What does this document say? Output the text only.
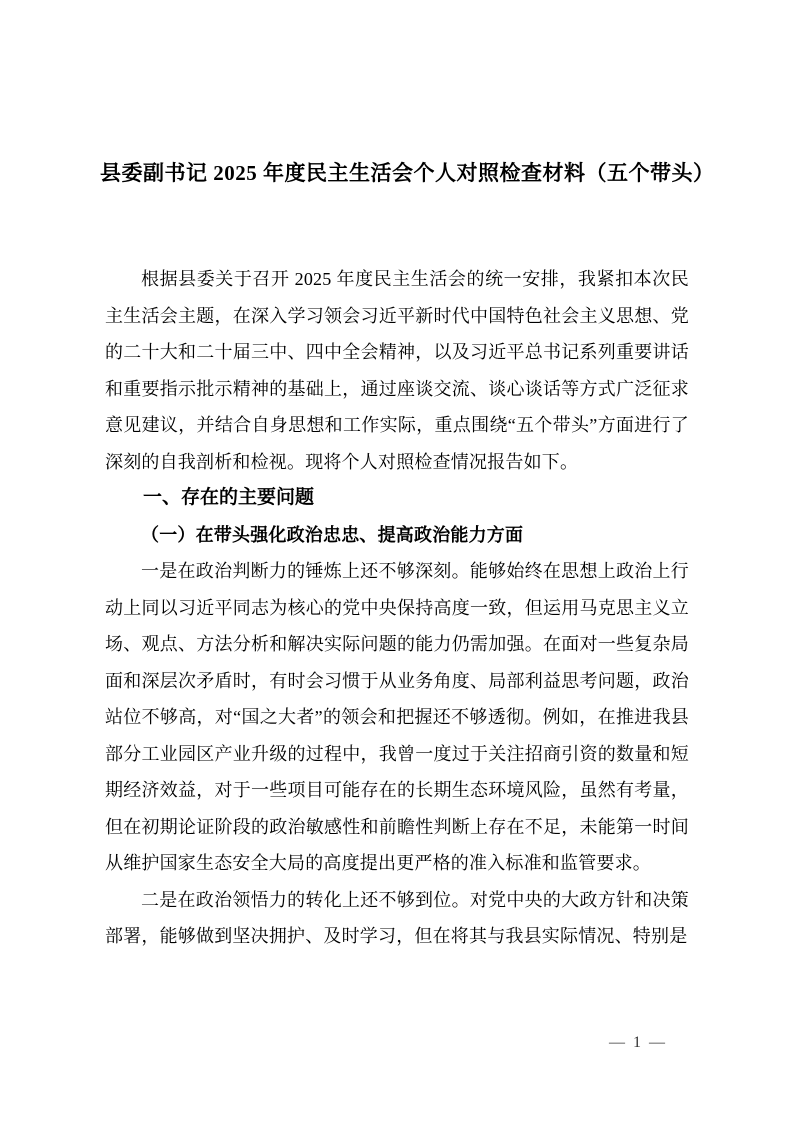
县委副书记 2025 年度民主生活会个人对照检查材料（五个带头）

根据县委关于召开 2025 年度民主生活会的统一安排，我紧扣本次民主生活会主题，在深入学习领会习近平新时代中国特色社会主义思想、党的二十大和二十届三中、四中全会精神，以及习近平总书记系列重要讲话和重要指示批示精神的基础上，通过座谈交流、谈心谈话等方式广泛征求意见建议，并结合自身思想和工作实际，重点围绕“五个带头”方面进行了深刻的自我剖析和检视。现将个人对照检查情况报告如下。

一、存在的主要问题
（一）在带头强化政治忠忠、提高政治能力方面

一是在政治判断力的锤炼上还不够深刻。能够始终在思想上政治上行动上同以习近平同志为核心的党中央保持高度一致，但运用马克思主义立场、观点、方法分析和解决实际问题的能力仍需加强。在面对一些复杂局面和深层次矛盾时，有时会习惯于从业务角度、局部利益思考问题，政治站位不够高，对“国之大者”的领会和把握还不够透彻。例如，在推进我县部分工业园区产业升级的过程中，我曾一度过于关注招商引资的数量和短期经济效益，对于一些项目可能存在的长期生态环境风险，虽然有考量，但在初期论证阶段的政治敏感性和前瞻性判断上存在不足，未能第一时间从维护国家生态安全大局的高度提出更严格的准入标准和监管要求。

二是在政治领悟力的转化上还不够到位。对党中央的大政方针和决策部署，能够做到坚决拥护、及时学习，但在将其与我县实际情况、特别是

— 1 —
